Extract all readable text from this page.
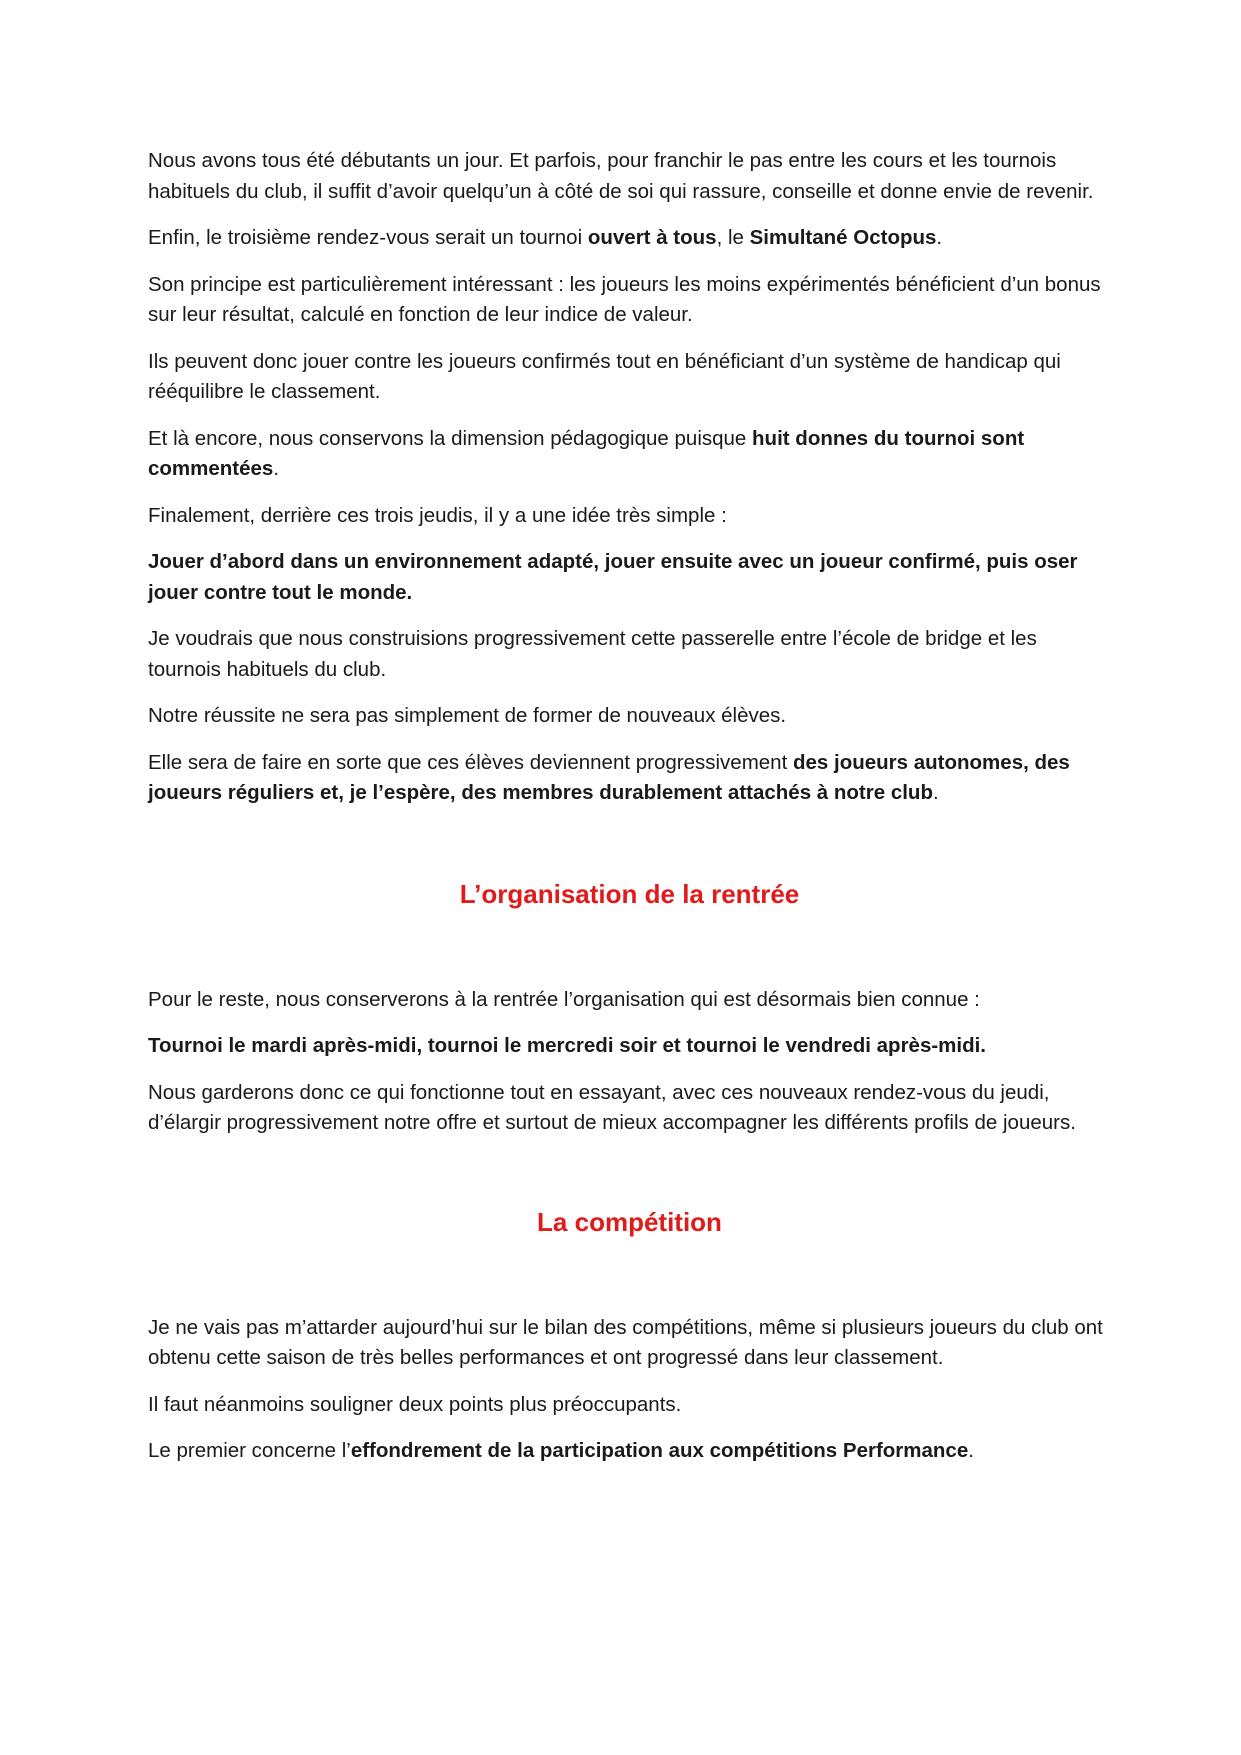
Nous avons tous été débutants un jour. Et parfois, pour franchir le pas entre les cours et les tournois habituels du club, il suffit d’avoir quelqu’un à côté de soi qui rassure, conseille et donne envie de revenir.

Enfin, le troisième rendez-vous serait un tournoi ouvert à tous, le Simultané Octopus.

Son principe est particulièrement intéressant : les joueurs les moins expérimentés bénéficient d’un bonus sur leur résultat, calculé en fonction de leur indice de valeur.

Ils peuvent donc jouer contre les joueurs confirmés tout en bénéficiant d’un système de handicap qui rééquilibre le classement.

Et là encore, nous conservons la dimension pédagogique puisque huit donnes du tournoi sont commentées.

Finalement, derrière ces trois jeudis, il y a une idée très simple :

Jouer d’abord dans un environnement adapté, jouer ensuite avec un joueur confirmé, puis oser jouer contre tout le monde.

Je voudrais que nous construisions progressivement cette passerelle entre l’école de bridge et les tournois habituels du club.

Notre réussite ne sera pas simplement de former de nouveaux élèves.

Elle sera de faire en sorte que ces élèves deviennent progressivement des joueurs autonomes, des joueurs réguliers et, je l’espère, des membres durablement attachés à notre club.

L’organisation de la rentrée

Pour le reste, nous conserverons à la rentrée l’organisation qui est désormais bien connue :

Tournoi le mardi après-midi, tournoi le mercredi soir et tournoi le vendredi après-midi.

Nous garderons donc ce qui fonctionne tout en essayant, avec ces nouveaux rendez-vous du jeudi, d’élargir progressivement notre offre et surtout de mieux accompagner les différents profils de joueurs.

La compétition

Je ne vais pas m’attarder aujourd’hui sur le bilan des compétitions, même si plusieurs joueurs du club ont obtenu cette saison de très belles performances et ont progressé dans leur classement.

Il faut néanmoins souligner deux points plus préoccupants.

Le premier concerne l’effondrement de la participation aux compétitions Performance.
